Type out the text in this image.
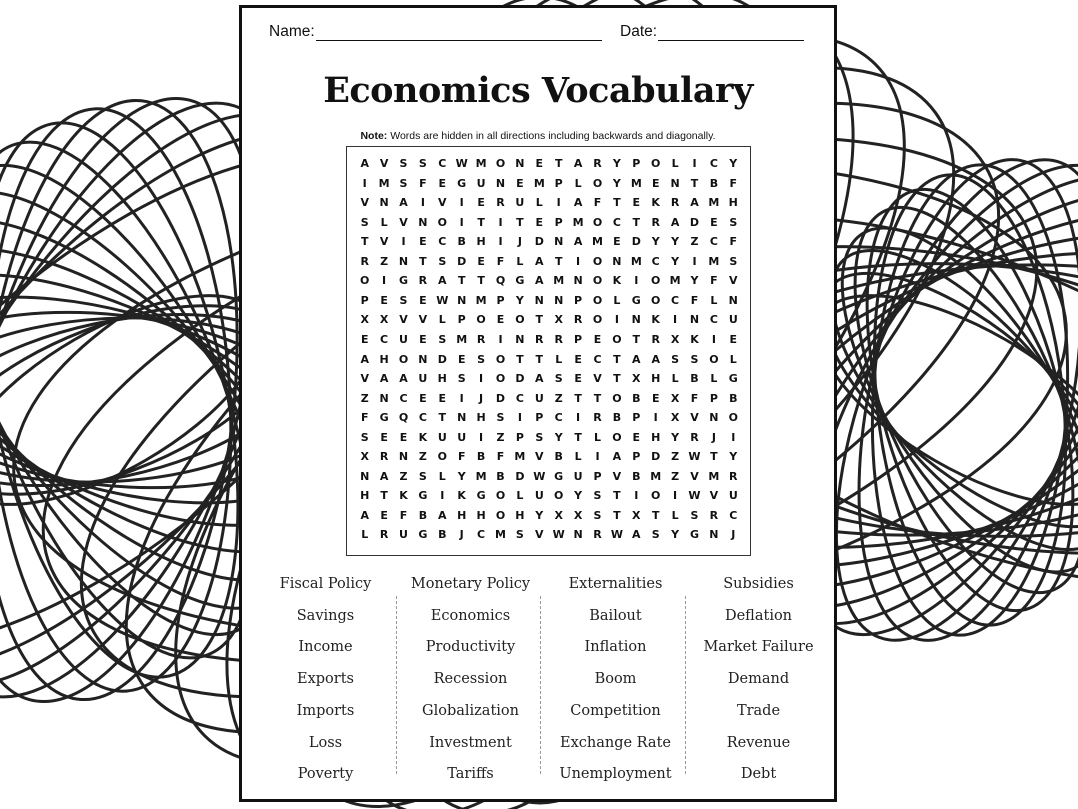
Name:	Date:
Economics Vocabulary
Note: Words are hidden in all directions including backwards and diagonally.
A V	S	S	C W M O N	E	T	A R	Y	P O	L	I	C	Y
I	M S	F	E	G U N	E M P	L	O Y M E	N	T	B	F
V N A	I	V	I	E	R U	L	I	A	F	T	E	K R A M H
S	L	V N O	I	T	I	T	E	P M O C	T	R A D	E	S
T	V	I	E	C	B H	I	J	D N A M E	D Y	Y	Z	C	F
R	Z N	T	S D	E	F	L	A	T	I	O N M C	Y	I	M S
O	I	G R A	T	T Q G A M N O K	I	O M Y	F	V
P	E	S	E W N M P	Y N N P O	L	G O C	F	L	N
X X V V	L	P O E O T	X R O	I	N K	I	N C U
E	C U	E	S M R	I	N R R	P	E O T	R X K	I	E
A H O N D	E	S O T	T	L	E	C	T	A A	S	S O	L
V A A U H S	I	O D A	S	E	V	T	X H	L	B	L	G
Z N C	E	E	I	J	D C U Z	T	T O B	E	X	F	P	B
F	G Q C	T	N H S	I	P	C	I	R B	P	I	X V N O
S	E	E	K U U	I	Z	P	S	Y	T	L	O E	H Y	R	J	I
X R N Z O F	B	F M V B	L	I	A	P D Z W T	Y
N A	Z	S	L	Y M B D W G U P	V B M Z	V M R
H	T	K G	I	K G O	L	U O Y	S	T	I	O	I	W V U
A	E	F	B A H H O H Y	X X	S	T	X	T	L	S	R	C
L	R U G B	J	C M S	V W N R W A	S	Y G N	J
Fiscal Policy
Savings
Income
Exports
Imports
Loss
Poverty
Monetary Policy
Economics
Productivity
Recession
Globalization
Investment
Tariffs
Externalities
Bailout
Inflation
Boom
Competition
Exchange Rate
Unemployment
Subsidies
Deflation
Market Failure
Demand
Trade
Revenue
Debt
